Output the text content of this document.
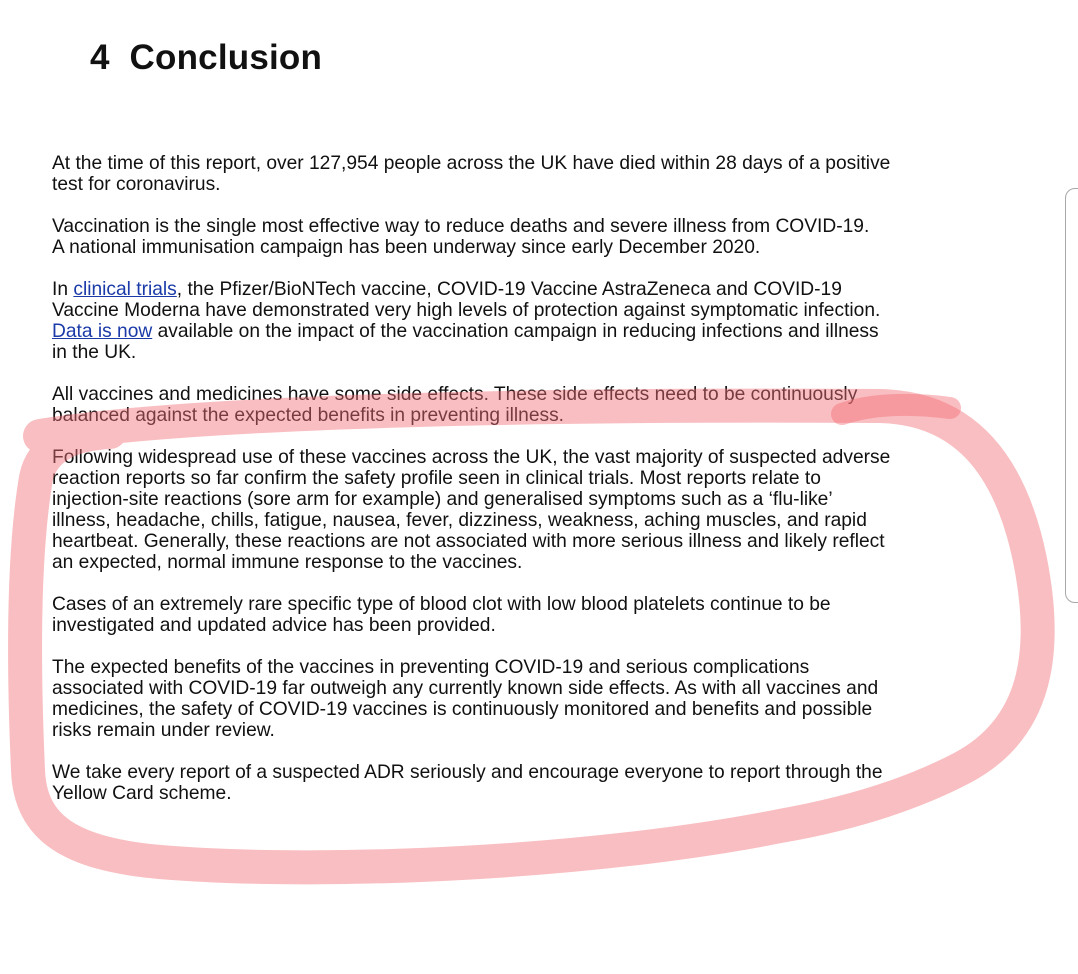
4 Conclusion

At the time of this report, over 127,954 people across the UK have died within 28 days of a positive
test for coronavirus.

Vaccination is the single most effective way to reduce deaths and severe illness from COVID-19.
A national immunisation campaign has been underway since early December 2020.

In clinical trials, the Pfizer/BioNTech vaccine, COVID-19 Vaccine AstraZeneca and COVID-19
Vaccine Moderna have demonstrated very high levels of protection against symptomatic infection.
Data is now available on the impact of the vaccination campaign in reducing infections and illness
in the UK.

All vaccines and medicines have some side effects. These side effects need to be continuously
balanced against the expected benefits in preventing illness.

Following widespread use of these vaccines across the UK, the vast majority of suspected adverse
reaction reports so far confirm the safety profile seen in clinical trials. Most reports relate to
injection-site reactions (sore arm for example) and generalised symptoms such as a ‘flu-like’
illness, headache, chills, fatigue, nausea, fever, dizziness, weakness, aching muscles, and rapid
heartbeat. Generally, these reactions are not associated with more serious illness and likely reflect
an expected, normal immune response to the vaccines.

Cases of an extremely rare specific type of blood clot with low blood platelets continue to be
investigated and updated advice has been provided.

The expected benefits of the vaccines in preventing COVID-19 and serious complications
associated with COVID-19 far outweigh any currently known side effects. As with all vaccines and
medicines, the safety of COVID-19 vaccines is continuously monitored and benefits and possible
risks remain under review.

We take every report of a suspected ADR seriously and encourage everyone to report through the
Yellow Card scheme.
